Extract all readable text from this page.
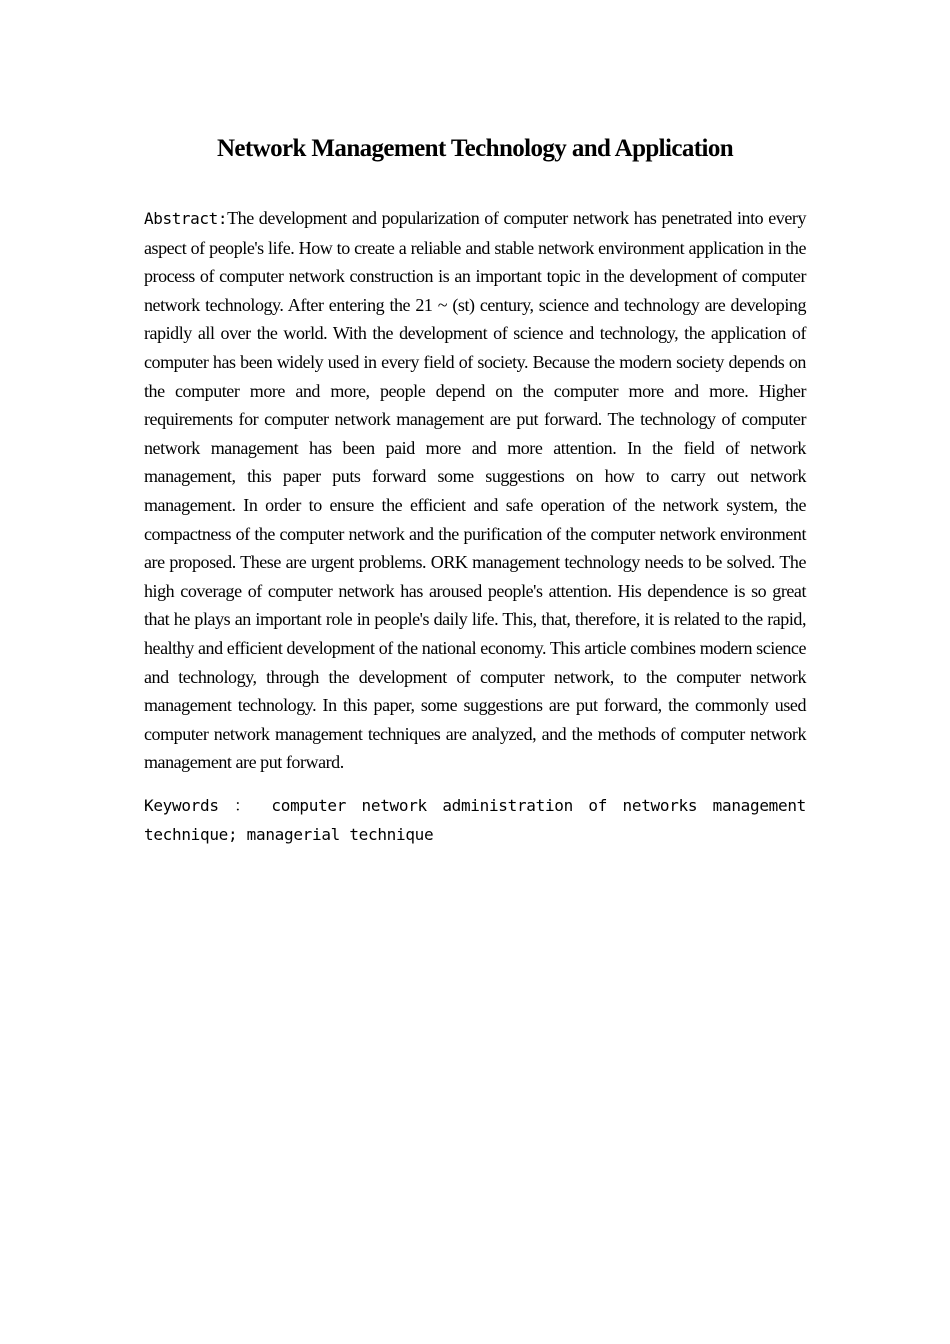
Network Management Technology and Application

Abstract:The development and popularization of computer network has penetrated into every aspect of people's life. How to create a reliable and stable network environment application in the process of computer network construction is an important topic in the development of computer network technology. After entering the 21 ~ (st) century, science and technology are developing rapidly all over the world. With the development of science and technology, the application of computer has been widely used in every field of society. Because the modern society depends on the computer more and more, people depend on the computer more and more. Higher requirements for computer network management are put forward. The technology of computer network management has been paid more and more attention. In the field of network management, this paper puts forward some suggestions on how to carry out network management. In order to ensure the efficient and safe operation of the network system, the compactness of the computer network and the purification of the computer network environment are proposed. These are urgent problems. ORK management technology needs to be solved. The high coverage of computer network has aroused people's attention. His dependence is so great that he plays an important role in people's daily life. This, that, therefore, it is related to the rapid, healthy and efficient development of the national economy. This article combines modern science and technology, through the development of computer network, to the computer network management technology. In this paper, some suggestions are put forward, the commonly used computer network management techniques are analyzed, and the methods of computer network management are put forward.

Keywords ： computer network administration of networks management technique; managerial technique
